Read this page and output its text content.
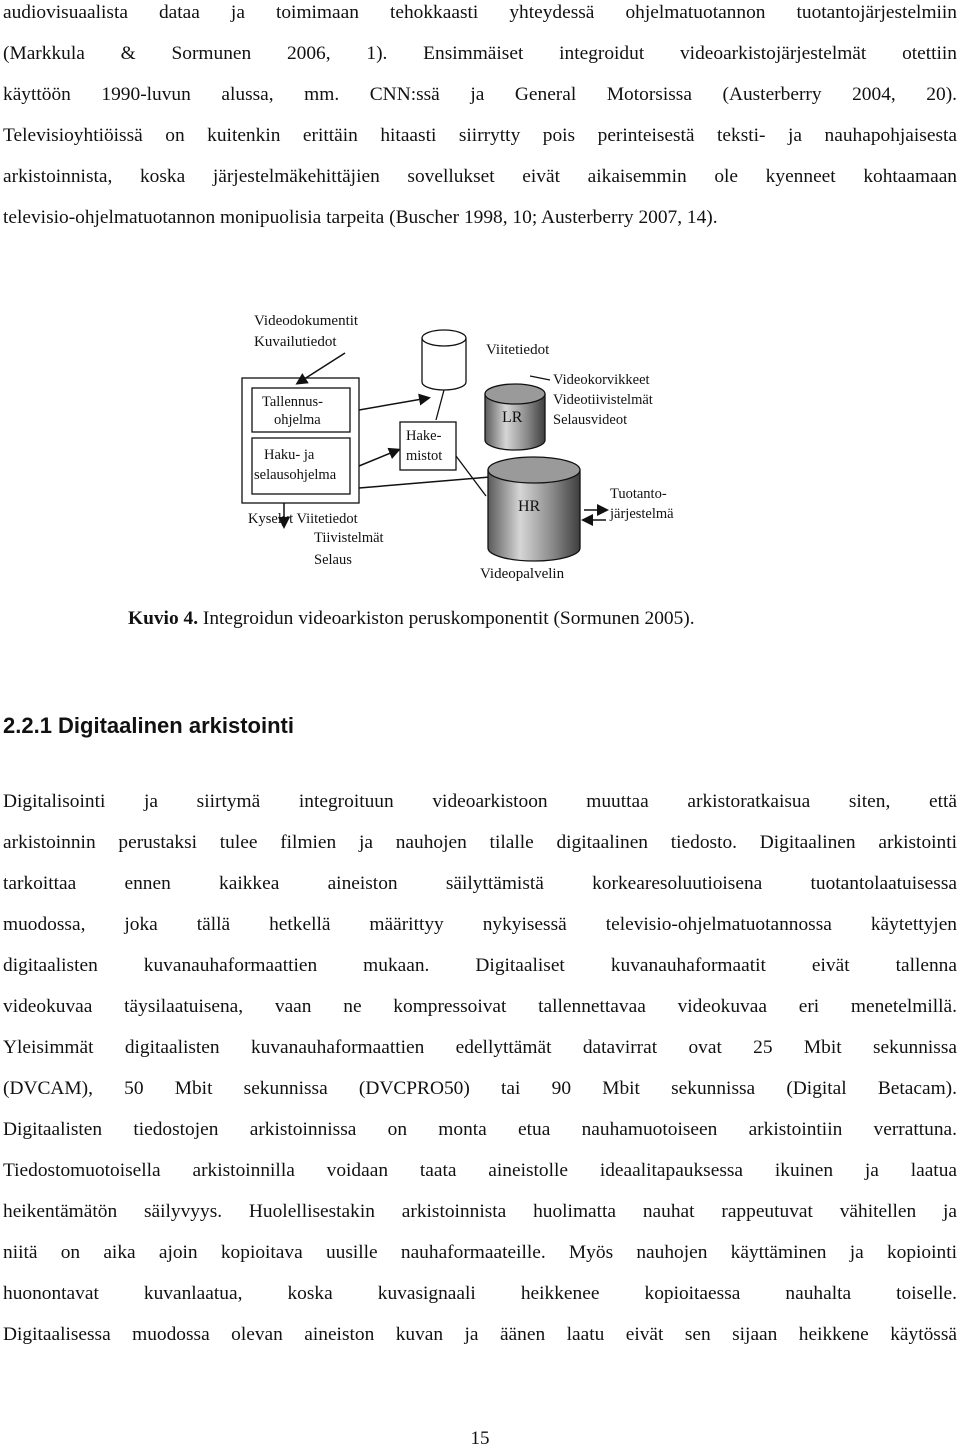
audiovisuaalista dataa ja toimimaan tehokkaasti yhteydessä ohjelmatuotannon tuotantojärjestelmiin
(Markkula & Sormunen 2006, 1). Ensimmäiset integroidut videoarkistojärjestelmät otettiin
käyttöön 1990-luvun alussa, mm. CNN:ssä ja General Motorsissa (Austerberry 2004, 20).
Televisioyhtiöissä on kuitenkin erittäin hitaasti siirrytty pois perinteisestä teksti- ja nauhapohjaisesta
arkistoinnista, koska järjestelmäkehittäjien sovellukset eivät aikaisemmin ole kyenneet kohtaamaan
televisio-ohjelmatuotannon monipuolisia tarpeita (Buscher 1998, 10; Austerberry 2007, 14).
Videodokumentit
Kuvailutiedot
Tallennus-
ohjelma
Haku- ja
selausohjelma
Kyselyt Viitetiedot
Tiivistelmät
Selaus
Hake-
mistot
Viitetiedot
LR
HR
Videopalvelin
Videokorvikkeet
Videotiivistelmät
Selausvideot
Tuotanto-
järjestelmä
Kuvio 4. Integroidun videoarkiston peruskomponentit (Sormunen 2005).
2.2.1 Digitaalinen arkistointi
Digitalisointi ja siirtymä integroituun videoarkistoon muuttaa arkistoratkaisua siten, että
arkistoinnin perustaksi tulee filmien ja nauhojen tilalle digitaalinen tiedosto. Digitaalinen arkistointi
tarkoittaa ennen kaikkea aineiston säilyttämistä korkearesoluutioisena tuotantolaatuisessa
muodossa, joka tällä hetkellä määrittyy nykyisessä televisio-ohjelmatuotannossa käytettyjen
digitaalisten kuvanauhaformaattien mukaan. Digitaaliset kuvanauhaformaatit eivät tallenna
videokuvaa täysilaatuisena, vaan ne kompressoivat tallennettavaa videokuvaa eri menetelmillä.
Yleisimmät digitaalisten kuvanauhaformaattien edellyttämät datavirrat ovat 25 Mbit sekunnissa
(DVCAM), 50 Mbit sekunnissa (DVCPRO50) tai 90 Mbit sekunnissa (Digital Betacam).
Digitaalisten tiedostojen arkistoinnissa on monta etua nauhamuotoiseen arkistointiin verrattuna.
Tiedostomuotoisella arkistoinnilla voidaan taata aineistolle ideaalitapauksessa ikuinen ja laatua
heikentämätön säilyvyys. Huolellisestakin arkistoinnista huolimatta nauhat rappeutuvat vähitellen ja
niitä on aika ajoin kopioitava uusille nauhaformaateille. Myös nauhojen käyttäminen ja kopiointi
huonontavat kuvanlaatua, koska kuvasignaali heikkenee kopioitaessa nauhalta toiselle.
Digitaalisessa muodossa olevan aineiston kuvan ja äänen laatu eivät sen sijaan heikkene käytössä
15
